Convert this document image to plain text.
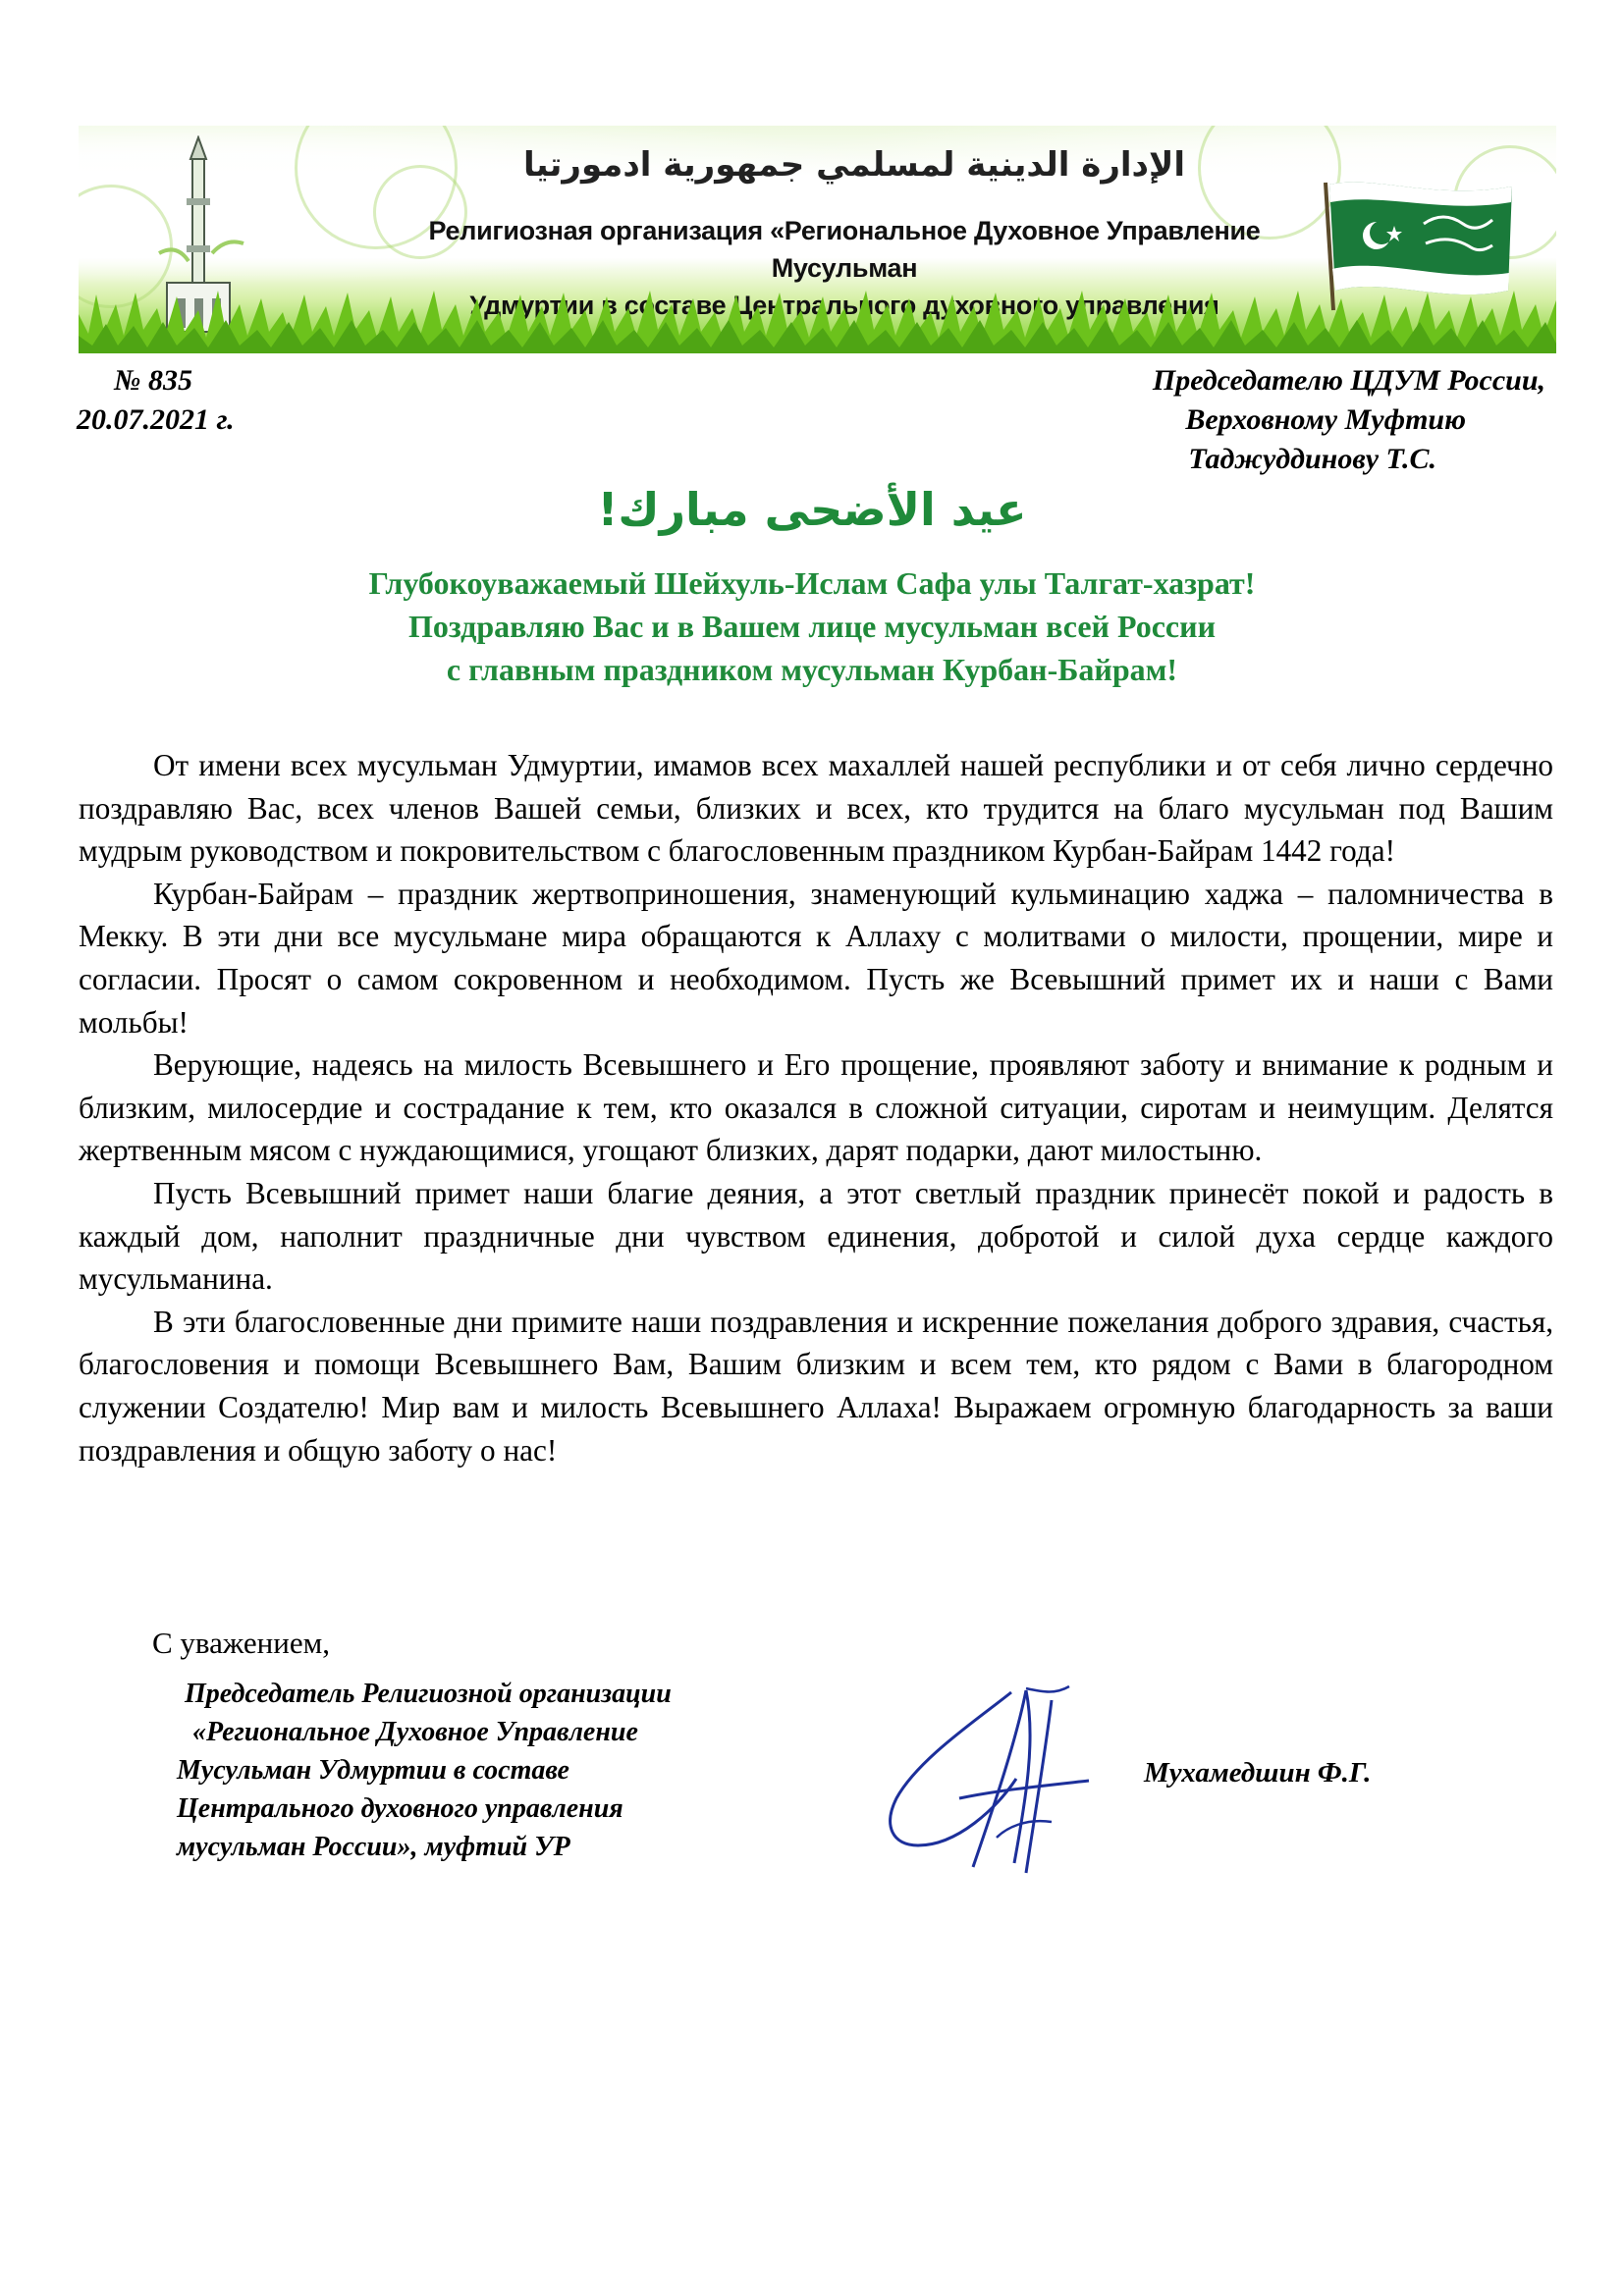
الإدارة الدينية لمسلمي جمهورية ادمورتيا
Религиозная организация «Региональное Духовное Управление Мусульман
Удмуртии в составе духовного управления
№ 835
20.07.2021 г.
Председателю ЦДУМ России,
Верховному Муфтию
Таджуддинову Т.С.
عيد الأضحى مبارك!
Глубокоуважаемый Шейхуль-Ислам Сафа улы Талгат-хазрат!
Поздравляю Вас и в Вашем лице мусульман всей России
с главным праздником мусульман Курбан-Байрам!

От имени всех мусульман Удмуртии, имамов всех махаллей нашей республики и от себя лично сердечно поздравляю Вас, всех членов Вашей семьи, близких и всех, кто трудится на благо мусульман под Вашим мудрым руководством и покровительством с благословенным праздником Курбан-Байрам 1442 года!

Курбан-Байрам – праздник жертвоприношения, знаменующий кульминацию хаджа – паломничества в Мекку. В эти дни все мусульмане мира обращаются к Аллаху с молитвами о милости, прощении, мире и согласии. Просят о самом сокровенном и необходимом. Пусть же Всевышний примет их и наши с Вами мольбы!

Верующие, надеясь на милость Всевышнего и Его прощение, проявляют заботу и внимание к родным и близким, милосердие и сострадание к тем, кто оказался в сложной ситуации, сиротам и неимущим. Делятся жертвенным мясом с нуждающимися, угощают близких, дарят подарки, дают милостыню.

Пусть Всевышний примет наши благие деяния, а этот светлый праздник принесёт покой и радость в каждый дом, наполнит праздничные дни чувством единения, добротой и силой духа сердце каждого мусульманина.

В эти благословенные дни примите наши поздравления и искренние пожелания доброго здравия, счастья, благословения и помощи Всевышнего Вам, Вашим близким и всем тем, кто рядом с Вами в благородном служении Создателю! Мир вам и милость Всевышнего Аллаха! Выражаем огромную благодарность за ваши поздравления и общую заботу о нас!

С уважением,
Председатель Религиозной организации
«Региональное Духовное Управление
Мусульман Удмуртии в составе
Центрального духовного управления
мусульман России», муфтий УР
Мухамедшин Ф.Г.
